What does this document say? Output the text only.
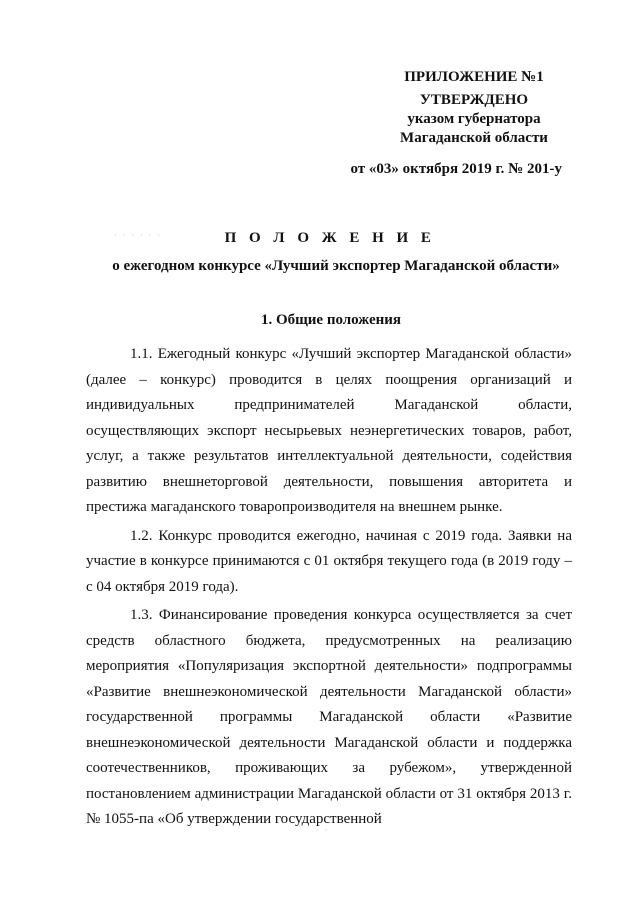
ПРИЛОЖЕНИЕ №1
УТВЕРЖДЕНО
указом губернатора
Магаданской области
от «03» октября 2019 г. № 201-у
· · · · · ·	П О Л О Ж Е Н И Е
о ежегодном конкурсе «Лучший экспортер Магаданской области»
1. Общие положения

1.1. Ежегодный конкурс «Лучший экспортер Магаданской области» (далее – конкурс) проводится в целях поощрения организаций и индивидуальных предпринимателей Магаданской области, осуществляющих экспорт несырьевых неэнергетических товаров, работ, услуг, а также результатов интеллектуальной деятельности, содействия развитию внешнеторговой деятельности, повышения авторитета и престижа магаданского товаропроизводителя на внешнем рынке.

1.2. Конкурс проводится ежегодно, начиная с 2019 года. Заявки на участие в конкурсе принимаются с 01 октября текущего года (в 2019 году – с 04 октября 2019 года).

1.3. Финансирование проведения конкурса осуществляется за счет средств областного бюджета, предусмотренных на реализацию мероприятия «Популяризация экспортной деятельности» подпрограммы «Развитие внешнеэкономической деятельности Магаданской области» государственной программы Магаданской области «Развитие внешнеэкономической деятельности Магаданской области и поддержка соотечественников, проживающих за рубежом», утвержденной постановлением администрации Магаданской области от 31 октября 2013 г. № 1055-па «Об утверждении государственной

· ·
